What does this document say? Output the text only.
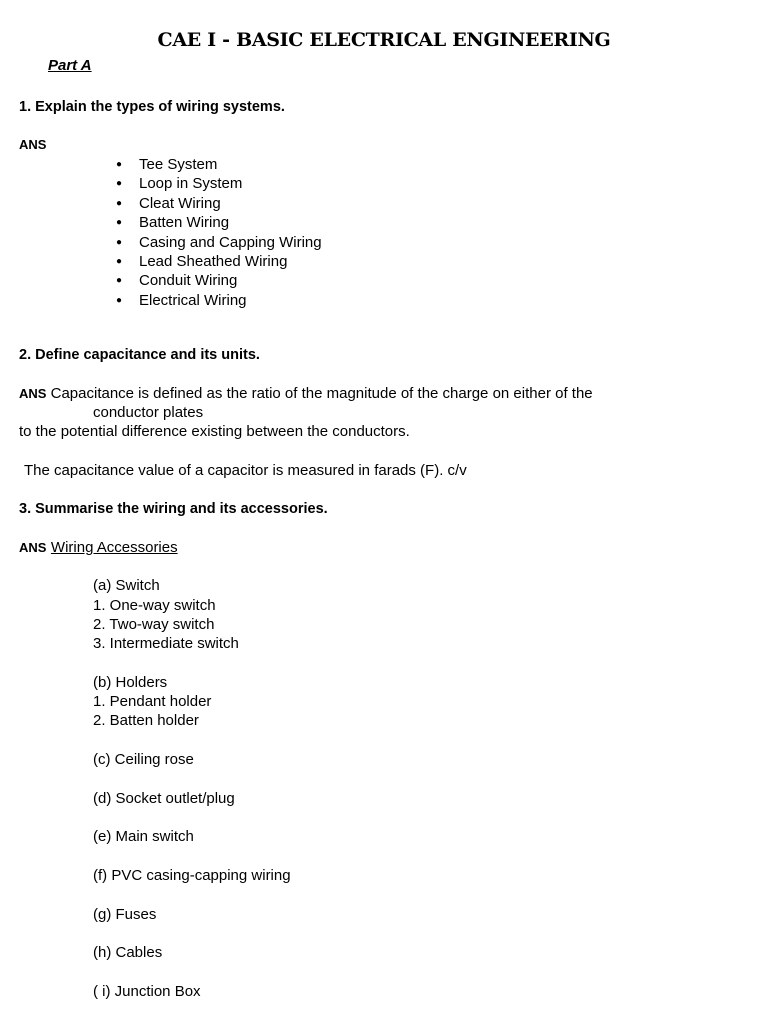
CAE I - BASIC ELECTRICAL ENGINEERING
Part A
1. Explain the types of wiring systems.
ANS
● Tee System
● Loop in System
● Cleat Wiring
● Batten Wiring
● Casing and Capping Wiring
● Lead Sheathed Wiring
● Conduit Wiring
● Electrical Wiring
2. Define capacitance and its units.
ANS Capacitance is defined as the ratio of the magnitude of the charge on either of the
conductor plates
to the potential difference existing between the conductors.
The capacitance value of a capacitor is measured in farads (F). c/v
3. Summarise the wiring and its accessories.
ANS Wiring Accessories
(a) Switch
1. One-way switch
2. Two-way switch
3. Intermediate switch
(b) Holders
1. Pendant holder
2. Batten holder
(c) Ceiling rose
(d) Socket outlet/plug
(e) Main switch
(f) PVC casing-capping wiring
(g) Fuses
(h) Cables
( i) Junction Box
